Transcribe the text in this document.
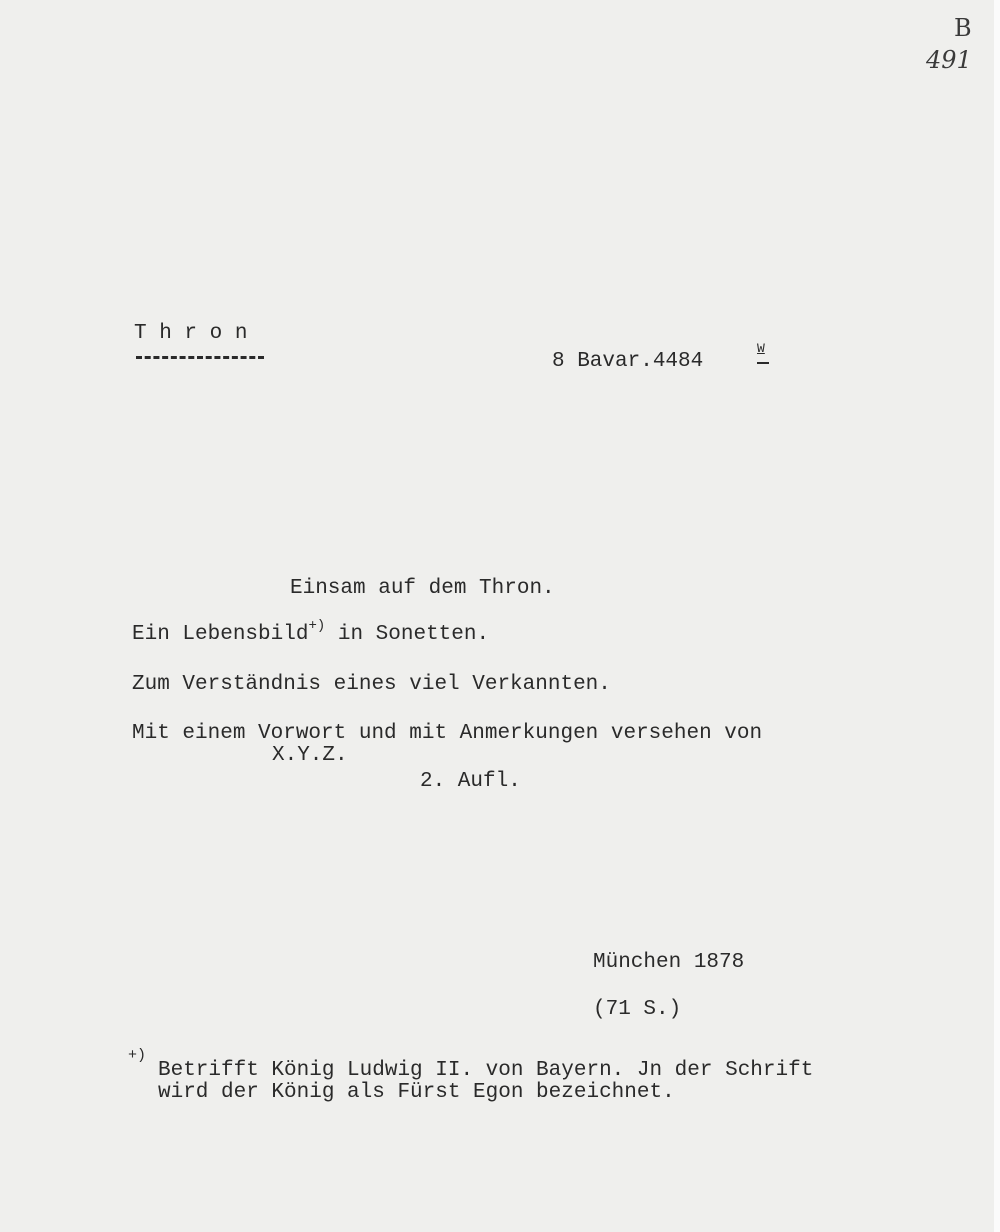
B
491
T h r o n
8 Bavar.4484
W
Einsam auf dem Thron.
Ein Lebensbild+) in Sonetten.
Zum Verständnis eines viel Verkannten.
Mit einem Vorwort und mit Anmerkungen versehen von
X.Y.Z.
2. Aufl.
München 1878
(71 S.)
+)
Betrifft König Ludwig II. von Bayern. Jn der Schrift
wird der König als Fürst Egon bezeichnet.
